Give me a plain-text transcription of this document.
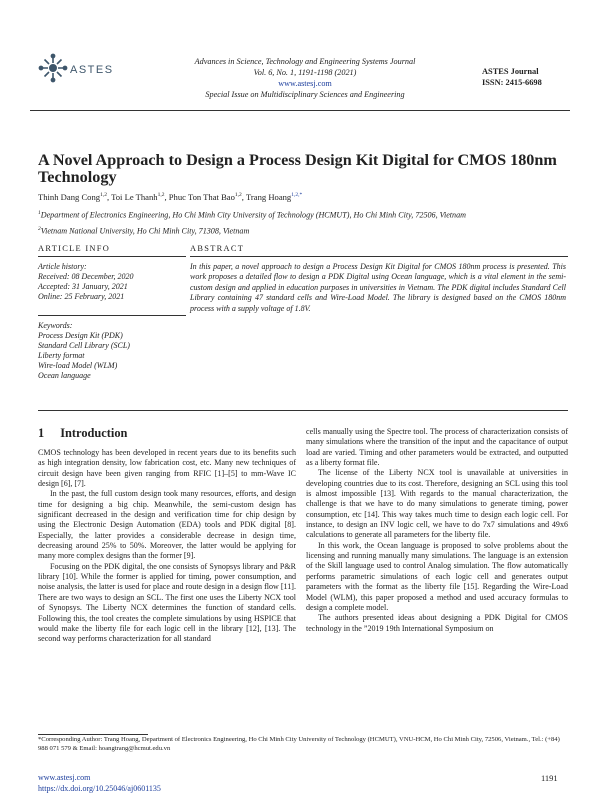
ASTES
Advances in Science, Technology and Engineering Systems Journal
Vol. 6, No. 1, 1191-1198 (2021)
www.astesj.com
Special Issue on Multidisciplinary Sciences and Engineering
ASTES Journal
ISSN: 2415-6698
A Novel Approach to Design a Process Design Kit Digital for CMOS 180nm Technology
Thinh Dang Cong$^{1,2}$, Toi Le Thanh$^{1,2}$, Phuc Ton That Bao$^{1,2}$, Trang Hoang$^{1,2,*}$
$^1$Department of Electronics Engineering, Ho Chi Minh City University of Technology (HCMUT), Ho Chi Minh City, 72506, Vietnam
$^2$Vietnam National University, Ho Chi Minh City, 71308, Vietnam
ARTICLE INFO	ABSTRACT
Article history:
Received: 08 December, 2020
Accepted: 31 January, 2021
Online: 25 February, 2021
Keywords:
Process Design Kit (PDK)
Standard Cell Library (SCL)
Liberty format
Wire-load Model (WLM)
Ocean language
In this paper, a novel approach to design a Process Design Kit Digital for CMOS 180nm process is presented. This work proposes a detailed flow to design a PDK Digital using Ocean language, which is a vital element in the semi-custom design and applied in education purposes in universities in Vietnam. The PDK digital includes Standard Cell Library containing 47 standard cells and Wire-Load Model. The library is designed based on the CMOS 180nm process with a supply voltage of 1.8V.
1 Introduction

CMOS technology has been developed in recent years due to its benefits such as high integration density, low fabrication cost, etc. Many new techniques of circuit design have been given ranging from RFIC [1]–[5] to mm-Wave IC design [6], [7].

In the past, the full custom design took many resources, efforts, and design time for designing a big chip. Meanwhile, the semi-custom design has significant decreased in the design and verification time for chip design by using the Electronic Design Automation (EDA) tools and PDK digital [8]. Especially, the latter provides a considerable decrease in design time, decreasing around 25% to 50%. Moreover, the latter would be applying for many more complex designs than the former [9].

Focusing on the PDK digital, the one consists of Synopsys library and P&R library [10]. While the former is applied for timing, power consumption, and noise analysis, the latter is used for place and route design in a design flow [11]. There are two ways to design an SCL. The first one uses the Liberty NCX tool of Synopsys. The Liberty NCX determines the function of standard cells. Following this, the tool creates the complete simulations by using HSPICE that would make the liberty file for each logic cell in the library [12], [13]. The second way performs characterization for all standard

cells manually using the Spectre tool. The process of characterization consists of many simulations where the transition of the input and the capacitance of output load are varied. Timing and other parameters would be extracted, and outputted as a liberty format file.

The license of the Liberty NCX tool is unavailable at universities in developing countries due to its cost. Therefore, designing an SCL using this tool is almost impossible [13]. With regards to the manual characterization, the challenge is that we have to do many simulations to generate timing, power consumption, etc [14]. This way takes much time to design each logic cell. For instance, to design an INV logic cell, we have to do 7x7 simulations and 49x6 calculations to generate all parameters for the liberty file.

In this work, the Ocean language is proposed to solve problems about the licensing and running manually many simulations. The language is an extension of the Skill language used to control Analog simulation. The flow automatically performs parametric simulations of each logic cell and generates output parameters with the format as the liberty file [15]. Regarding the Wire-Load Model (WLM), this paper proposed a method and used accuracy formulas to design a complete model.

The authors presented ideas about designing a PDK Digital for CMOS technology in the ”2019 19th International Symposium on

*Corresponding Author: Trang Hoang, Department of Electronics Engineering, Ho Chi Minh City University of Technology (HCMUT), VNU-HCM, Ho Chi Minh City, 72506, Vietnam., Tel.: (+84) 988 071 579 & Email: hoangtrang@hcmut.edu.vn
www.astesj.com
https://dx.doi.org/10.25046/aj0601135
1191
